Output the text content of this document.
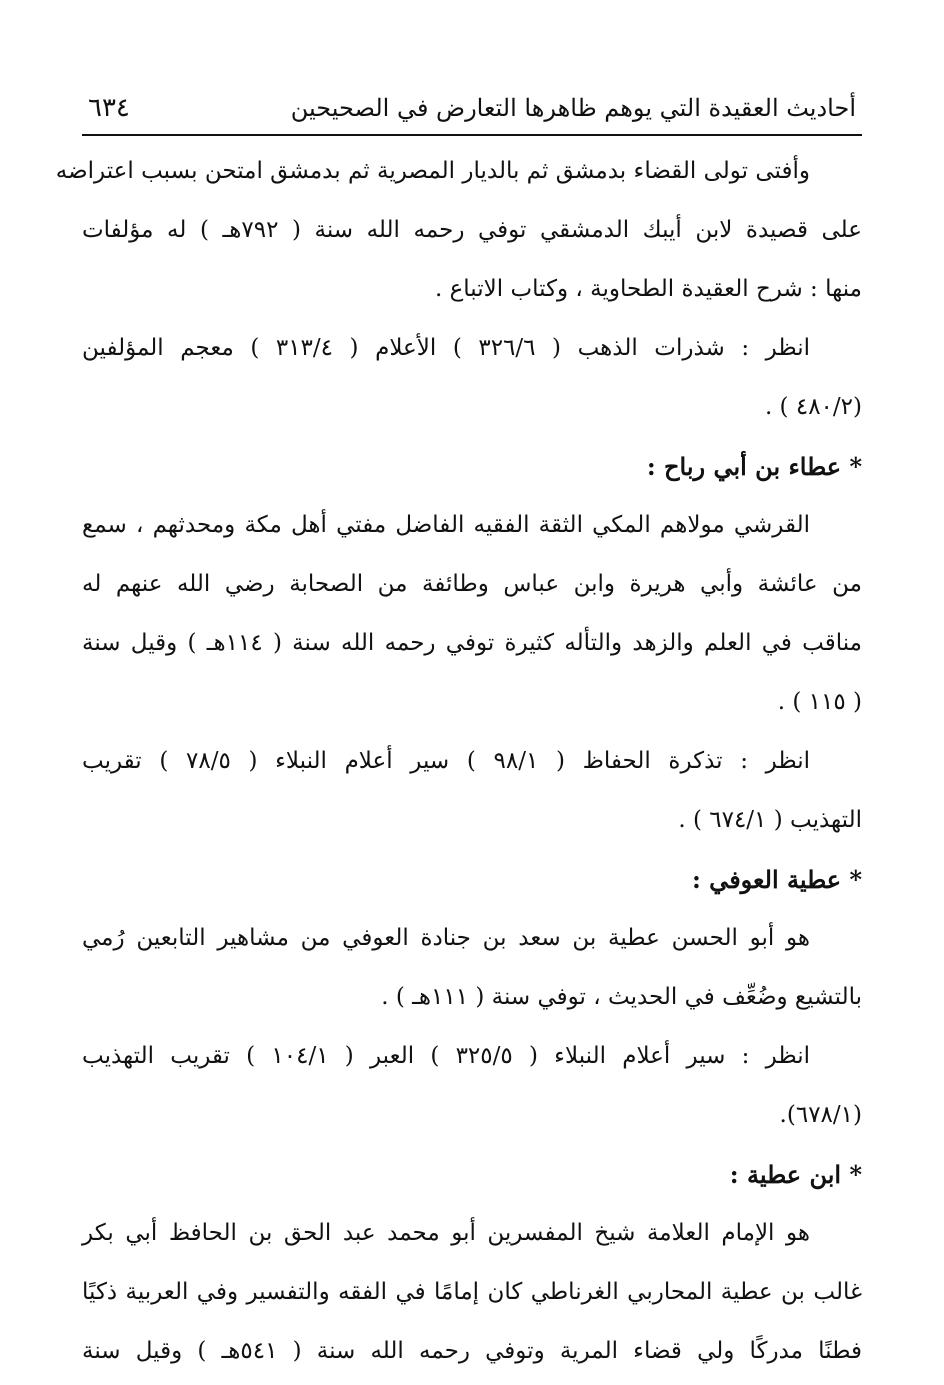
أحاديث العقيدة التي يوهم ظاهرها التعارض في الصحيحين
٦٣٤
وأفتى تولى القضاء بدمشق ثم بالديار المصرية ثم بدمشق امتحن بسبب اعتراضه
على قصيدة لابن أيبك الدمشقي توفي رحمه الله سنة ( ٧٩٢هـ ) له مؤلفات
منها : شرح العقيدة الطحاوية ، وكتاب الاتباع .
انظر : شذرات الذهب ( ٣٢٦/٦ ) الأعلام ( ٣١٣/٤ ) معجم المؤلفين
(٤٨٠/٢ ) .
* عطاء بن أبي رباح :
القرشي مولاهم المكي الثقة الفقيه الفاضل مفتي أهل مكة ومحدثهم ، سمع
من عائشة وأبي هريرة وابن عباس وطائفة من الصحابة رضي الله عنهم له
مناقب في العلم والزهد والتأله كثيرة توفي رحمه الله سنة ( ١١٤هـ ) وقيل سنة
( ١١٥ ) .
انظر : تذكرة الحفاظ ( ٩٨/١ ) سير أعلام النبلاء ( ٧٨/٥ ) تقريب
التهذيب ( ٦٧٤/١ ) .
* عطية العوفي :
هو أبو الحسن عطية بن سعد بن جنادة العوفي من مشاهير التابعين رُمي
بالتشيع وضُعِّف في الحديث ، توفي سنة ( ١١١هـ ) .
انظر : سير أعلام النبلاء ( ٣٢٥/٥ ) العبر ( ١٠٤/١ ) تقريب التهذيب
(٦٧٨/١).
* ابن عطية :
هو الإمام العلامة شيخ المفسرين أبو محمد عبد الحق بن الحافظ أبي بكر
غالب بن عطية المحاربي الغرناطي كان إمامًا في الفقه والتفسير وفي العربية ذكيًا
فطنًا مدركًا ولي قضاء المرية وتوفي رحمه الله سنة ( ٥٤١هـ ) وقيل سنة
